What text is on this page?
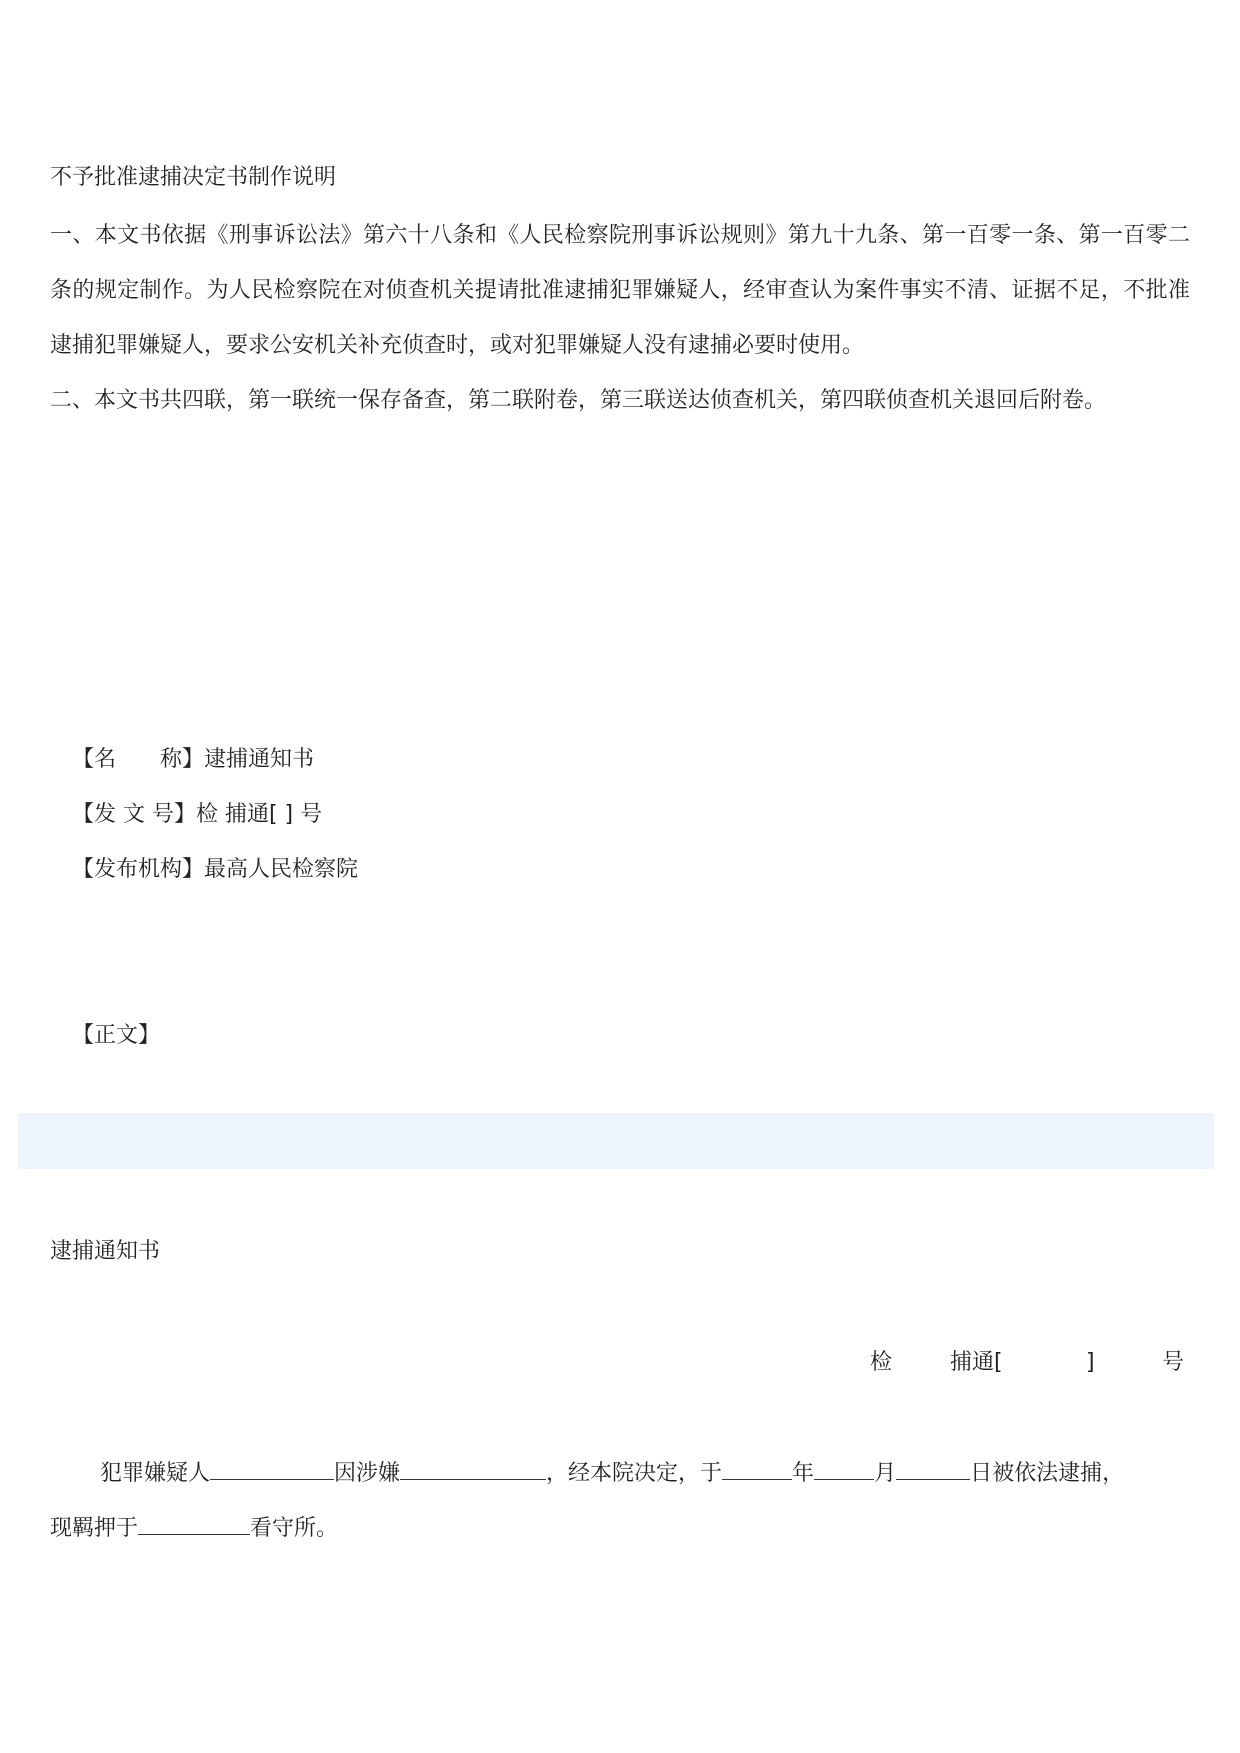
不予批准逮捕决定书制作说明

一、本文书依据《刑事诉讼法》第六十八条和《人民检察院刑事诉讼规则》第九十九条、第一百零一条、第一百零二条的规定制作。为人民检察院在对侦查机关提请批准逮捕犯罪嫌疑人，经审查认为案件事实不清、证据不足，不批准逮捕犯罪嫌疑人，要求公安机关补充侦查时，或对犯罪嫌疑人没有逮捕必要时使用。

二、本文书共四联，第一联统一保存备查，第二联附卷，第三联送达侦查机关，第四联侦查机关退回后附卷。

【名　　称】逮捕通知书
【发 文 号】检 捕通[ ] 号
【发布机构】最高人民检察院
【正文】
逮捕通知书
检	捕通[	]	号

犯罪嫌疑人	因涉嫌	，经本院决定，于	年	月	日被依法逮捕，

现羁押于	看守所。
